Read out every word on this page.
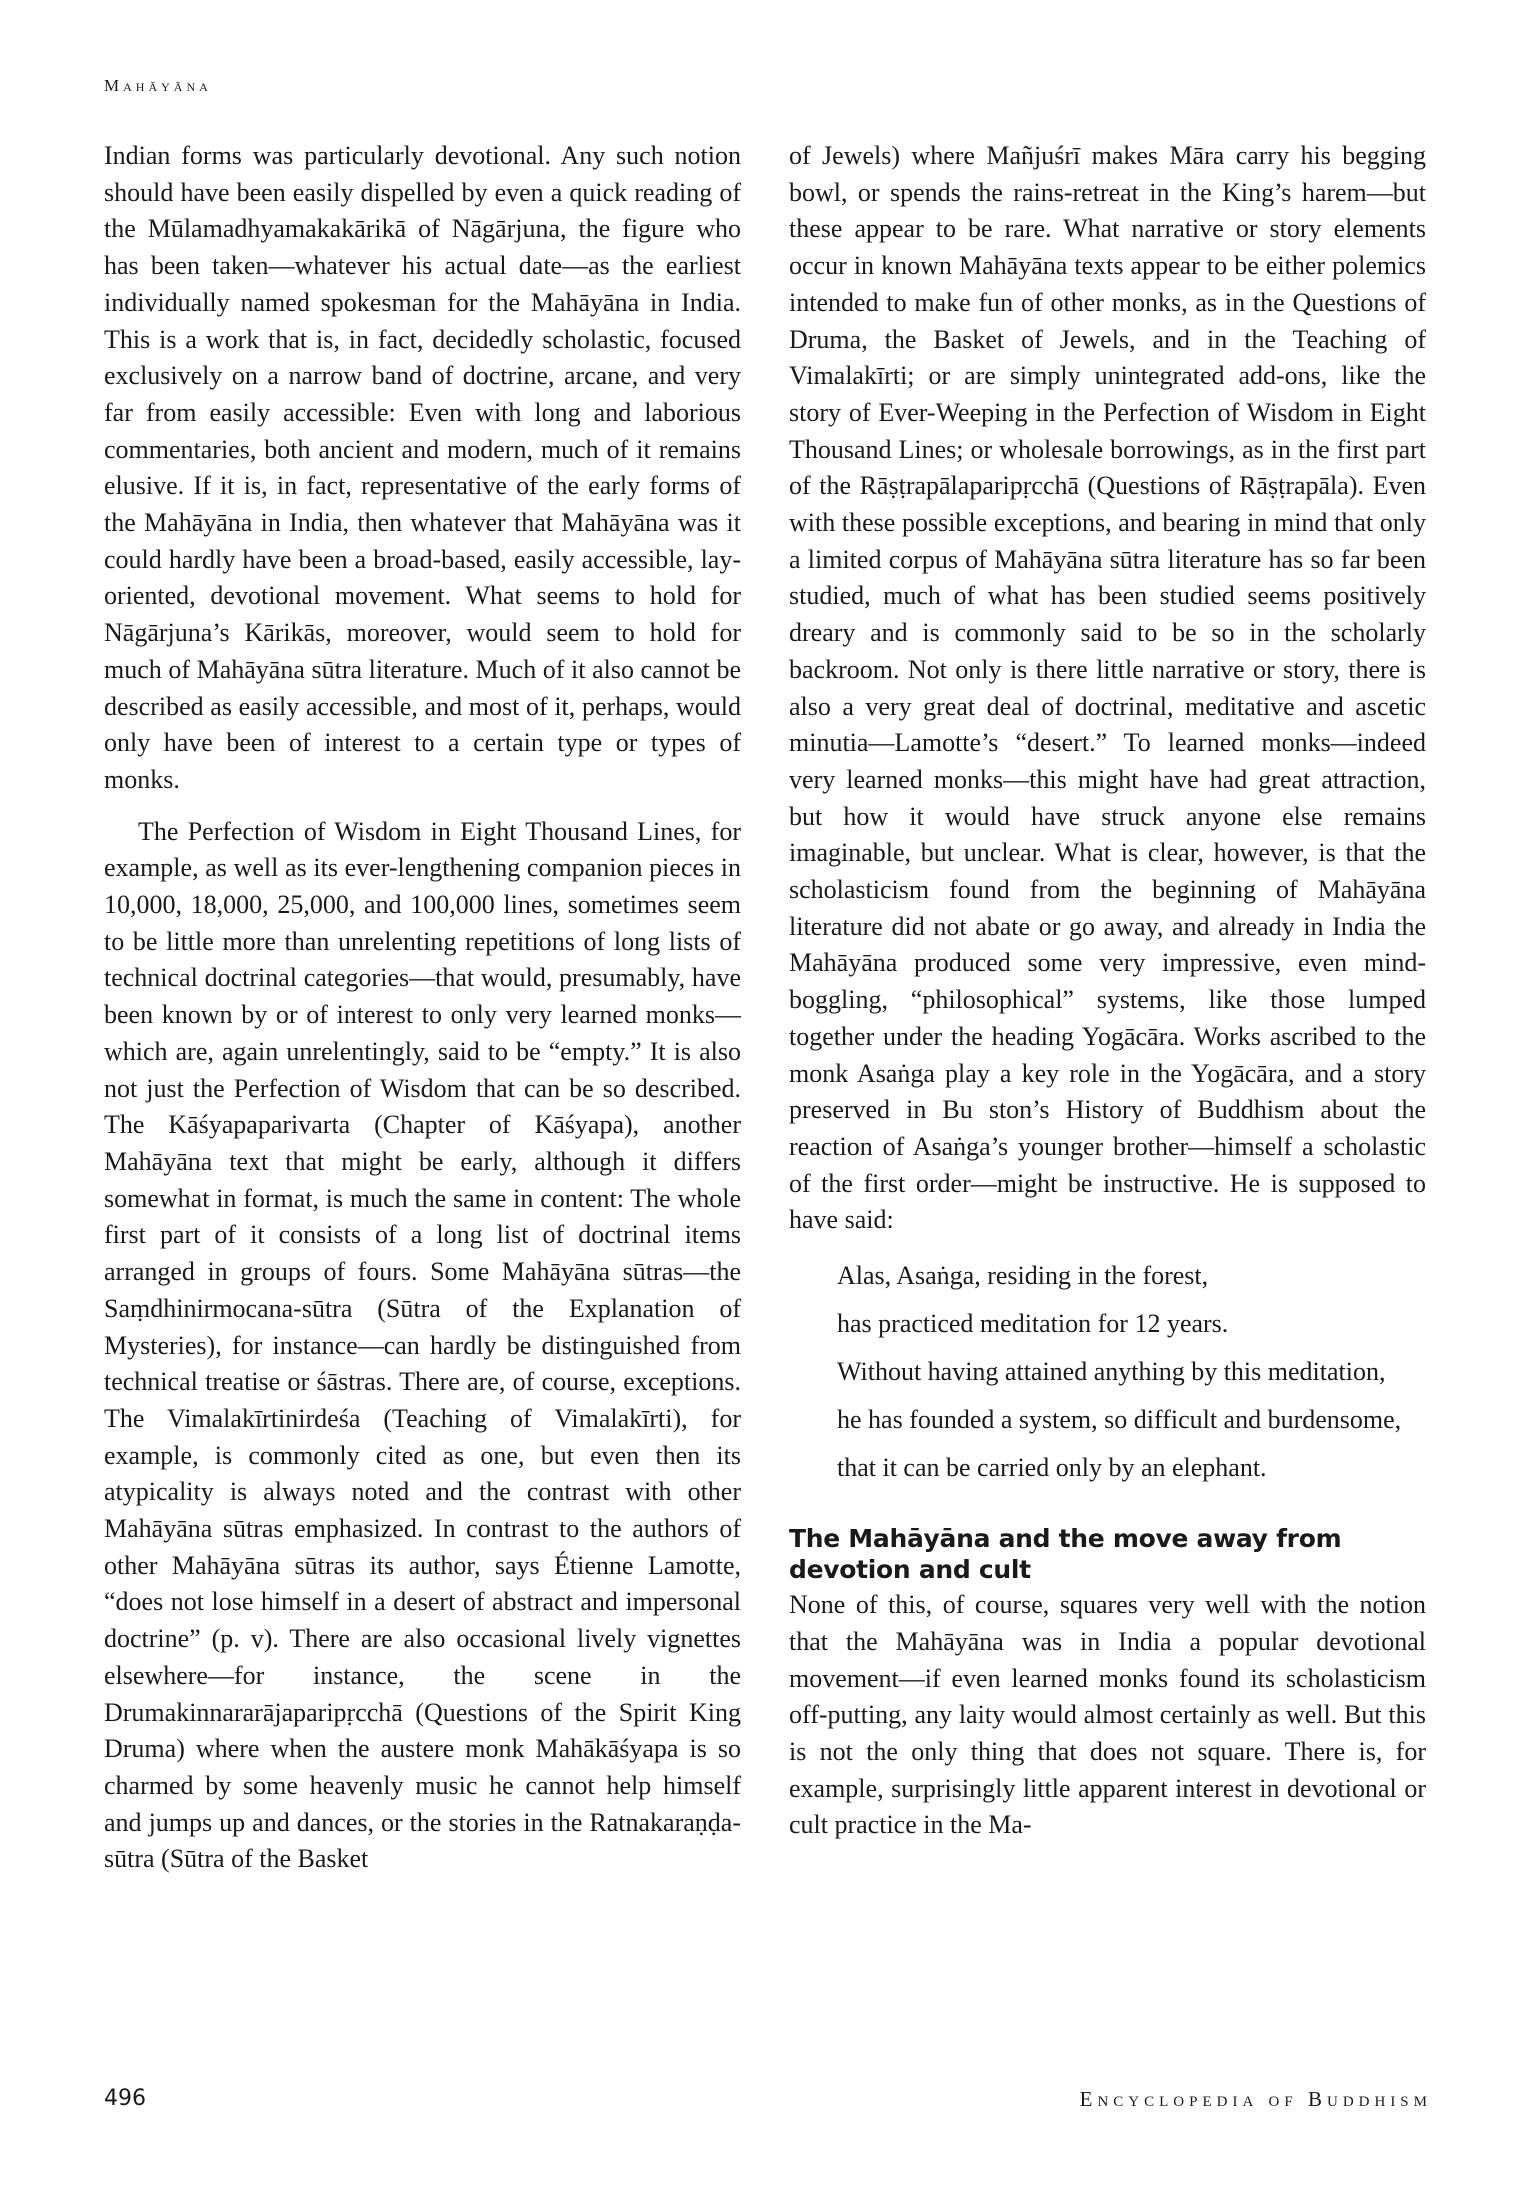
Mahāyāna

Indian forms was particularly devotional. Any such notion should have been easily dispelled by even a quick reading of the Mūlamadhyamakakārikā of Nāgārjuna, the figure who has been taken—whatever his actual date—as the earliest individually named spokesman for the Mahāyāna in India. This is a work that is, in fact, decidedly scholastic, focused exclusively on a narrow band of doctrine, arcane, and very far from easily accessible: Even with long and laborious commentaries, both ancient and modern, much of it remains elusive. If it is, in fact, representative of the early forms of the Mahāyāna in India, then whatever that Mahāyāna was it could hardly have been a broad-based, easily accessible, lay-oriented, devotional movement. What seems to hold for Nāgārjuna’s Kārikās, moreover, would seem to hold for much of Mahāyāna sūtra literature. Much of it also cannot be described as easily accessible, and most of it, perhaps, would only have been of interest to a certain type or types of monks.

The Perfection of Wisdom in Eight Thousand Lines, for example, as well as its ever-lengthening companion pieces in 10,000, 18,000, 25,000, and 100,000 lines, sometimes seem to be little more than unrelenting repetitions of long lists of technical doctrinal categories—that would, presumably, have been known by or of interest to only very learned monks—which are, again unrelentingly, said to be “empty.” It is also not just the Perfection of Wisdom that can be so described. The Kāśyapaparivarta (Chapter of Kāśyapa), another Mahāyāna text that might be early, although it differs somewhat in format, is much the same in content: The whole first part of it consists of a long list of doctrinal items arranged in groups of fours. Some Mahāyāna sūtras—the Saṃdhinirmocana-sūtra (Sūtra of the Explanation of Mysteries), for instance—can hardly be distinguished from technical treatise or śāstras. There are, of course, exceptions. The Vimalakīrtinirdeśa (Teaching of Vimalakīrti), for example, is commonly cited as one, but even then its atypicality is always noted and the contrast with other Mahāyāna sūtras emphasized. In contrast to the authors of other Mahāyāna sūtras its author, says Étienne Lamotte, “does not lose himself in a desert of abstract and impersonal doctrine” (p. v). There are also occasional lively vignettes elsewhere—for instance, the scene in the Drumakinnararājaparipṛcchā (Questions of the Spirit King Druma) where when the austere monk Mahākāśyapa is so charmed by some heavenly music he cannot help himself and jumps up and dances, or the stories in the Ratnakaraṇḍa-sūtra (Sūtra of the Basket

of Jewels) where Mañjuśrī makes Māra carry his begging bowl, or spends the rains-retreat in the King’s harem—but these appear to be rare. What narrative or story elements occur in known Mahāyāna texts appear to be either polemics intended to make fun of other monks, as in the Questions of Druma, the Basket of Jewels, and in the Teaching of Vimalakīrti; or are simply unintegrated add-ons, like the story of Ever-Weeping in the Perfection of Wisdom in Eight Thousand Lines; or wholesale borrowings, as in the first part of the Rāṣṭrapālaparipṛcchā (Questions of Rāṣṭrapāla). Even with these possible exceptions, and bearing in mind that only a limited corpus of Mahāyāna sūtra literature has so far been studied, much of what has been studied seems positively dreary and is commonly said to be so in the scholarly backroom. Not only is there little narrative or story, there is also a very great deal of doctrinal, meditative and ascetic minutia—Lamotte’s “desert.” To learned monks—indeed very learned monks—this might have had great attraction, but how it would have struck anyone else remains imaginable, but unclear. What is clear, however, is that the scholasticism found from the beginning of Mahāyāna literature did not abate or go away, and already in India the Mahāyāna produced some very impressive, even mind-boggling, “philosophical” systems, like those lumped together under the heading Yogācāra. Works ascribed to the monk Asaṅga play a key role in the Yogācāra, and a story preserved in Bu ston’s History of Buddhism about the reaction of Asaṅga’s younger brother—himself a scholastic of the first order—might be instructive. He is supposed to have said:

Alas, Asaṅga, residing in the forest,
has practiced meditation for 12 years.
Without having attained anything by this meditation,
he has founded a system, so difficult and burdensome,
that it can be carried only by an elephant.
The Mahāyāna and the move away from devotion and cult

None of this, of course, squares very well with the notion that the Mahāyāna was in India a popular devotional movement—if even learned monks found its scholasticism off-putting, any laity would almost certainly as well. But this is not the only thing that does not square. There is, for example, surprisingly little apparent interest in devotional or cult practice in the Ma-

496	Encyclopedia of Buddhism
